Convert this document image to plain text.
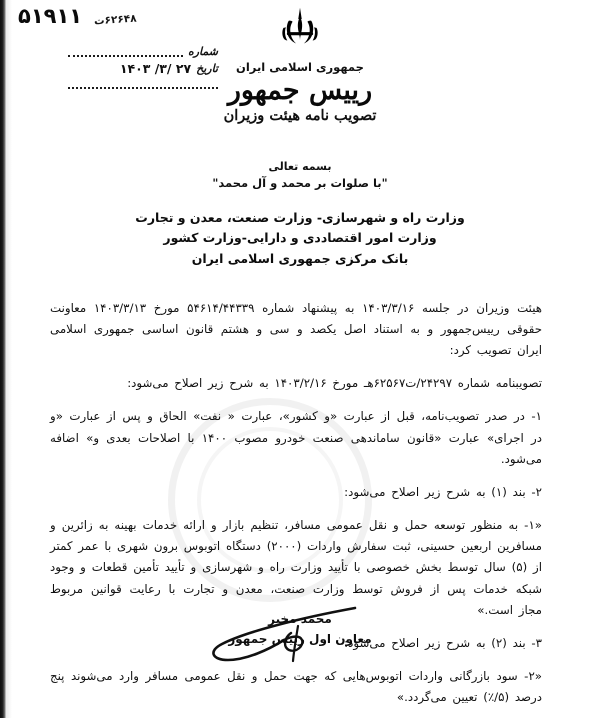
۵۱۹۱۱ ۶۲۶۴۸ت
شماره
تاریخ
۲۷ /۳/ ۱۴۰۳	جمهوری اسلامی ایران
رییس جمهور
تصویب نامه هیئت وزیران
بسمه تعالی
"با صلوات بر محمد و آل محمد"
وزارت راه و شهرسازی- وزارت صنعت، معدن و تجارت
وزارت امور اقتصاددی و دارایی-وزارت کشور
بانک مرکزی جمهوری اسلامی ایران

هیئت وزیران در جلسه ۱۴۰۳/۳/۱۶ به پیشنهاد شماره ۵۴۶۱۴/۴۴۳۳۹ مورخ ۱۴۰۳/۳/۱۳ معاونت حقوقی رییس‌جمهور و به استناد اصل یکصد و سی و هشتم قانون اساسی جمهوری اسلامی ایران تصویب کرد:

تصویبنامه شماره ۲۴۲۹۷/ت۶۲۵۶۷هـ مورخ ۱۴۰۳/۲/۱۶ به شرح زیر اصلاح می‌شود:

۱- در صدر تصویب‌نامه، قبل از عبارت «و کشور»، عبارت « نفت» الحاق و پس از عبارت «و در اجرای» عبارت «قانون ساماندهی صنعت خودرو مصوب ۱۴۰۰ با اصلاحات بعدی و» اضافه می‌شود.

۲- بند (۱) به شرح زیر اصلاح می‌شود:

«۱- به منظور توسعه حمل و نقل عمومی مسافر، تنظیم بازار و ارائه خدمات بهینه به زائرین و مسافرین اربعین حسینی، ثبت سفارش واردات (۲۰۰۰) دستگاه اتوبوس برون شهری با عمر کمتر از (۵) سال توسط بخش خصوصی با تأیید وزارت راه و شهرسازی و تأیید تأمین قطعات و وجود شبکه خدمات پس از فروش توسط وزارت صنعت، معدن و تجارت با رعایت قوانین مربوط مجاز است.»

۳- بند (۲) به شرح زیر اصلاح می‌شود:

«۲- سود بازرگانی واردات اتوبوس‌هایی که جهت حمل و نقل عمومی مسافر وارد می‌شوند پنج درصد (۵/٪) تعیین می‌گردد.»

محمد مخبر
معاون اول رییس جمهور
